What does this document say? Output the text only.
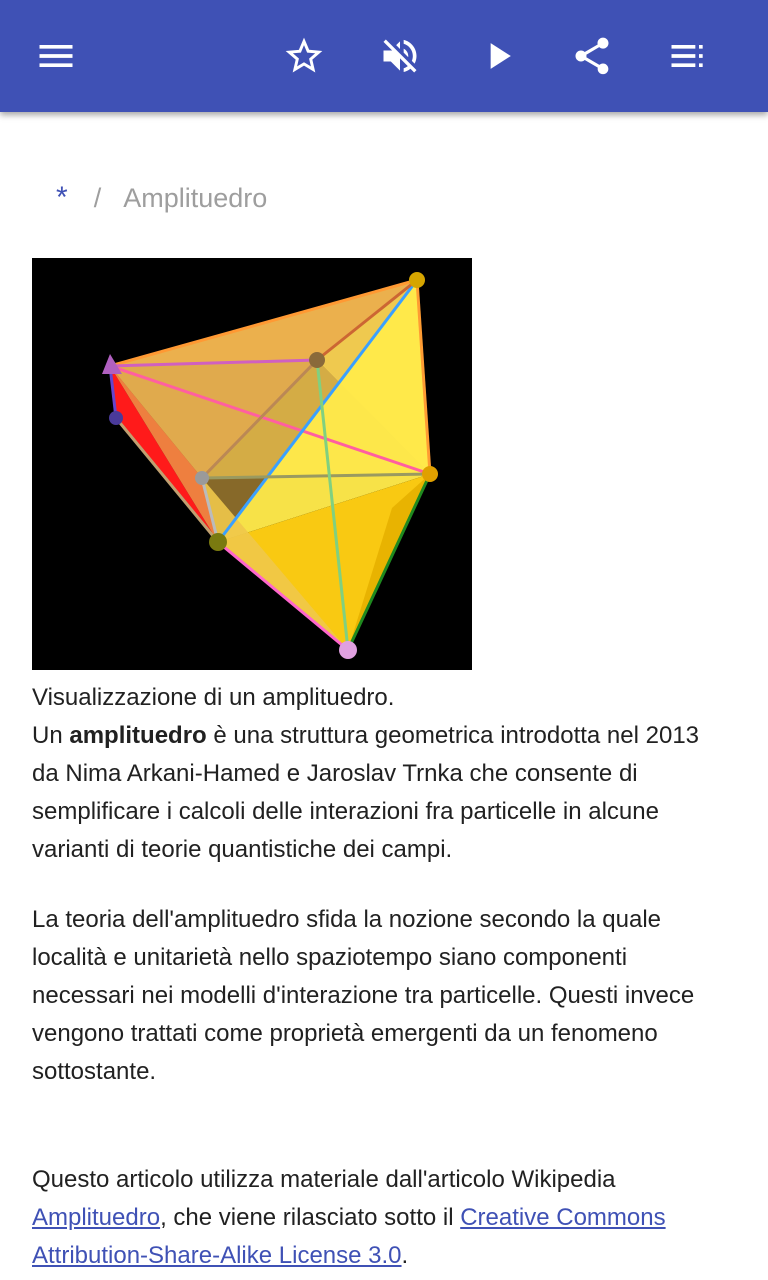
* / Amplituedro

Visualizzazione di un amplituedro.

Un amplituedro è una struttura geometrica introdotta nel 2013 da Nima Arkani-Hamed e Jaroslav Trnka che consente di semplificare i calcoli delle interazioni fra particelle in alcune varianti di teorie quantistiche dei campi.

La teoria dell'amplituedro sfida la nozione secondo la quale località e unitarietà nello spaziotempo siano componenti necessari nei modelli d'interazione tra particelle. Questi invece vengono trattati come proprietà emergenti da un fenomeno sottostante.

Questo articolo utilizza materiale dall'articolo Wikipedia Amplituedro, che viene rilasciato sotto il Creative Commons Attribution-Share-Alike License 3.0.
